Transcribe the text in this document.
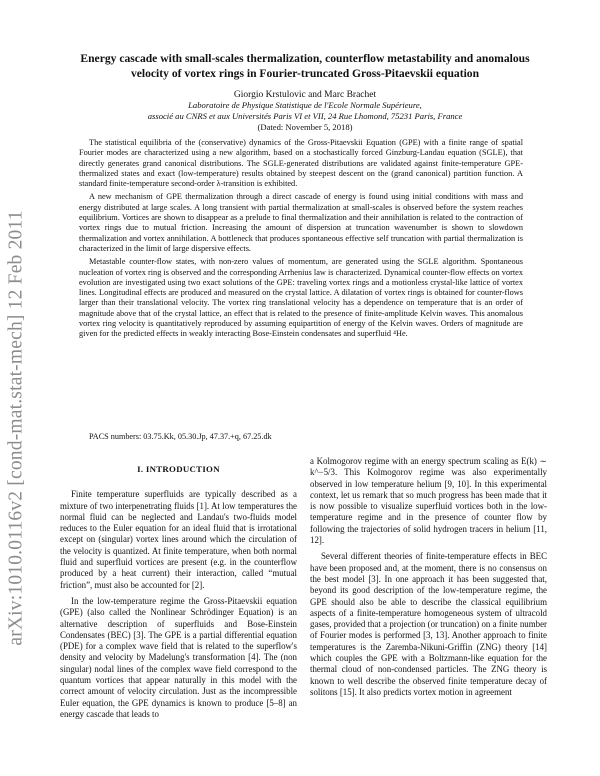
arXiv:1010.0116v2 [cond-mat.stat-mech] 12 Feb 2011
Energy cascade with small-scales thermalization, counterflow metastability and anomalous velocity of vortex rings in Fourier-truncated Gross-Pitaevskii equation
Giorgio Krstulovic and Marc Brachet
Laboratoire de Physique Statistique de l'Ecole Normale Supérieure,
associé au CNRS et aux Universités Paris VI et VII, 24 Rue Lhomond, 75231 Paris, France
(Dated: November 5, 2018)

The statistical equilibria of the (conservative) dynamics of the Gross-Pitaevskii Equation (GPE) with a finite range of spatial Fourier modes are characterized using a new algorithm, based on a stochastically forced Ginzburg-Landau equation (SGLE), that directly generates grand canonical distributions. The SGLE-generated distributions are validated against finite-temperature GPE-thermalized states and exact (low-temperature) results obtained by steepest descent on the (grand canonical) partition function. A standard finite-temperature second-order λ-transition is exhibited.

A new mechanism of GPE thermalization through a direct cascade of energy is found using initial conditions with mass and energy distributed at large scales. A long transient with partial thermalization at small-scales is observed before the system reaches equilibrium. Vortices are shown to disappear as a prelude to final thermalization and their annihilation is related to the contraction of vortex rings due to mutual friction. Increasing the amount of dispersion at truncation wavenumber is shown to slowdown thermalization and vortex annihilation. A bottleneck that produces spontaneous effective self truncation with partial thermalization is characterized in the limit of large dispersive effects.

Metastable counter-flow states, with non-zero values of momentum, are generated using the SGLE algorithm. Spontaneous nucleation of vortex ring is observed and the corresponding Arrhenius law is characterized. Dynamical counter-flow effects on vortex evolution are investigated using two exact solutions of the GPE: traveling vortex rings and a motionless crystal-like lattice of vortex lines. Longitudinal effects are produced and measured on the crystal lattice. A dilatation of vortex rings is obtained for counter-flows larger than their translational velocity. The vortex ring translational velocity has a dependence on temperature that is an order of magnitude above that of the crystal lattice, an effect that is related to the presence of finite-amplitude Kelvin waves. This anomalous vortex ring velocity is quantitatively reproduced by assuming equipartition of energy of the Kelvin waves. Orders of magnitude are given for the predicted effects in weakly interacting Bose-Einstein condensates and superfluid ⁴He.

PACS numbers: 03.75.Kk, 05.30.Jp, 47.37.+q, 67.25.dk
I. INTRODUCTION

Finite temperature superfluids are typically described as a mixture of two interpenetrating fluids [1]. At low temperatures the normal fluid can be neglected and Landau's two-fluids model reduces to the Euler equation for an ideal fluid that is irrotational except on (singular) vortex lines around which the circulation of the velocity is quantized. At finite temperature, when both normal fluid and superfluid vortices are present (e.g. in the counterflow produced by a heat current) their interaction, called “mutual friction”, must also be accounted for [2].

In the low-temperature regime the Gross-Pitaevskii equation (GPE) (also called the Nonlinear Schrödinger Equation) is an alternative description of superfluids and Bose-Einstein Condensates (BEC) [3]. The GPE is a partial differential equation (PDE) for a complex wave field that is related to the superflow's density and velocity by Madelung's transformation [4]. The (non singular) nodal lines of the complex wave field correspond to the quantum vortices that appear naturally in this model with the correct amount of velocity circulation. Just as the incompressible Euler equation, the GPE dynamics is known to produce [5–8] an energy cascade that leads to

a Kolmogorov regime with an energy spectrum scaling as E(k) ∼ k^−5/3. This Kolmogorov regime was also experimentally observed in low temperature helium [9, 10]. In this experimental context, let us remark that so much progress has been made that it is now possible to visualize superfluid vortices both in the low-temperature regime and in the presence of counter flow by following the trajectories of solid hydrogen tracers in helium [11, 12].

Several different theories of finite-temperature effects in BEC have been proposed and, at the moment, there is no consensus on the best model [3]. In one approach it has been suggested that, beyond its good description of the low-temperature regime, the GPE should also be able to describe the classical equilibrium aspects of a finite-temperature homogeneous system of ultracold gases, provided that a projection (or truncation) on a finite number of Fourier modes is performed [3, 13]. Another approach to finite temperatures is the Zaremba-Nikuni-Griffin (ZNG) theory [14] which couples the GPE with a Boltzmann-like equation for the thermal cloud of non-condensed particles. The ZNG theory is known to well describe the observed finite temperature decay of solitons [15]. It also predicts vortex motion in agreement
